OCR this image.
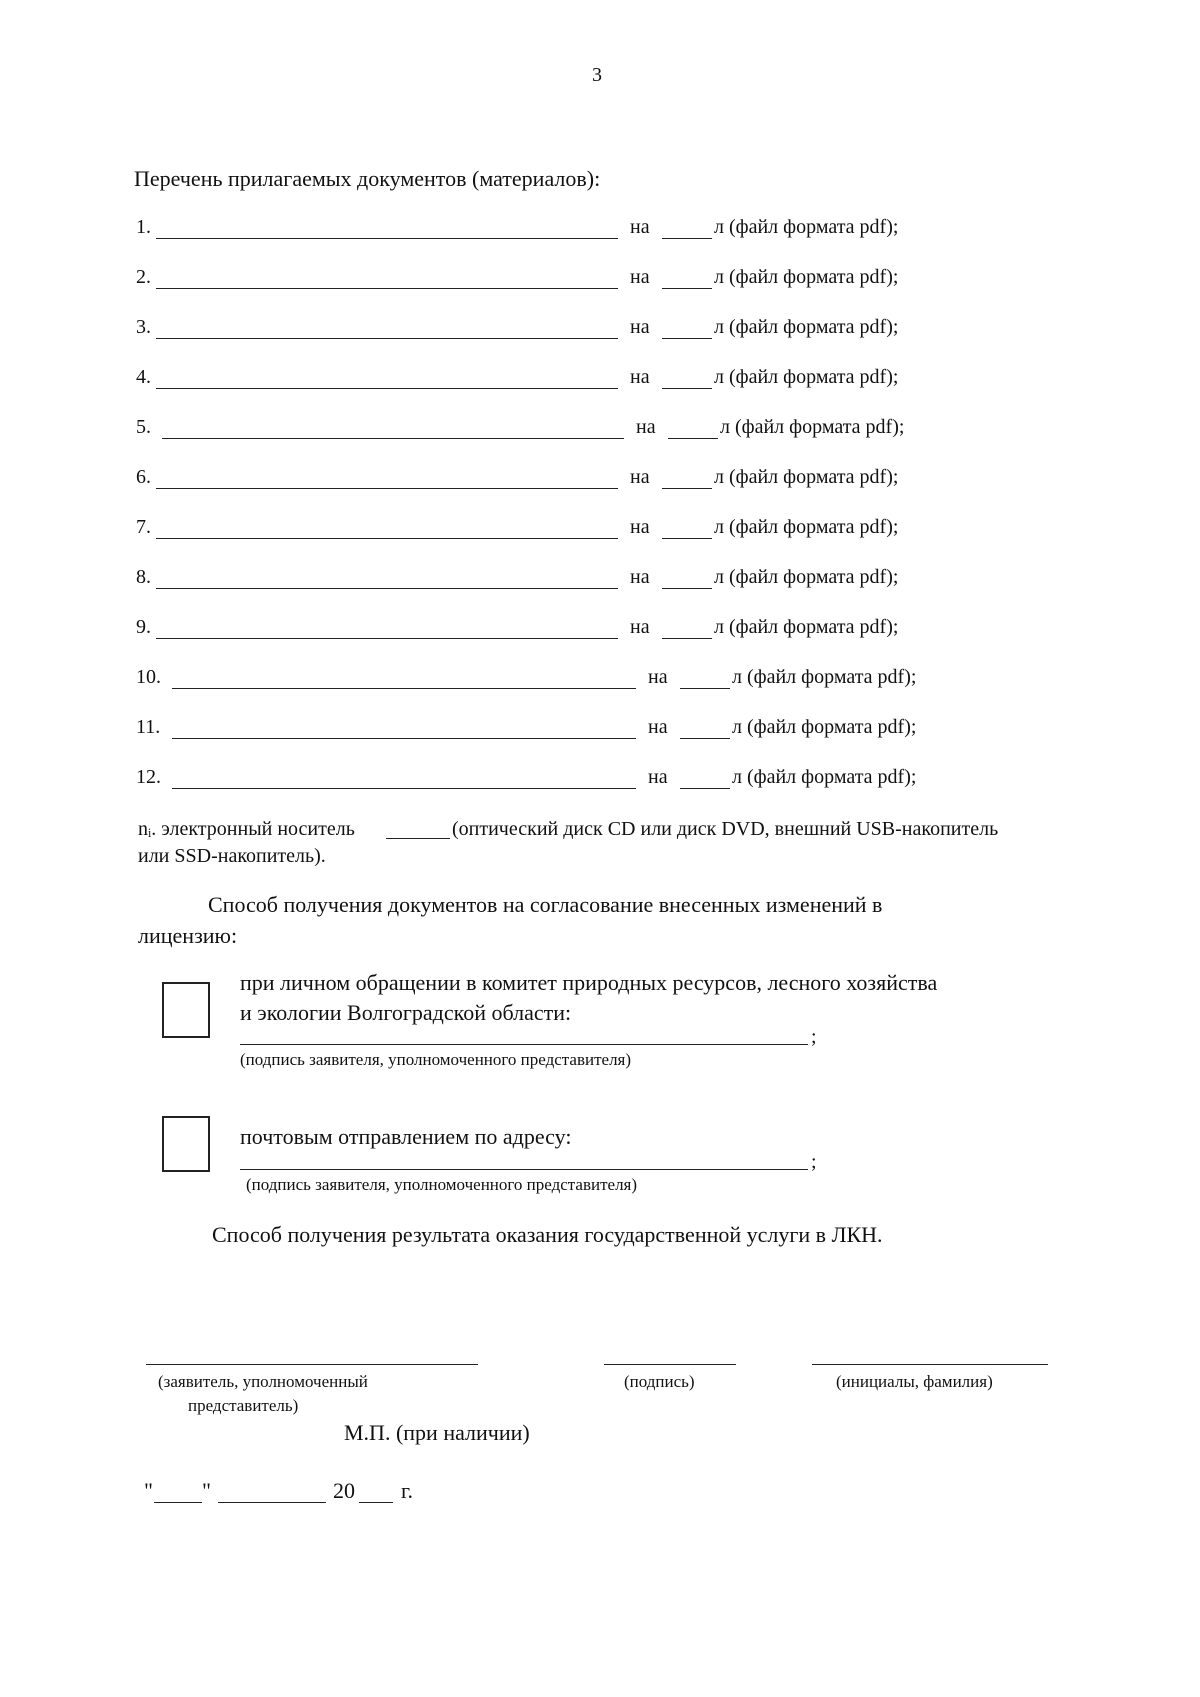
3
Перечень прилагаемых документов (материалов):
1.	на	л (файл формата pdf);
2.	на	л (файл формата pdf);
3.	на	л (файл формата pdf);
4.	на	л (файл формата pdf);
5.	на	л (файл формата pdf);
6.	на	л (файл формата pdf);
7.	на	л (файл формата pdf);
8.	на	л (файл формата pdf);
9.	на	л (файл формата pdf);
10.	на	л (файл формата pdf);
11.	на	л (файл формата pdf);
12.	на	л (файл формата pdf);
nᵢ. электронный носитель	(оптический диск CD или диск DVD, внешний USB-накопитель
или SSD-накопитель).
Способ получения документов на согласование внесенных изменений в
лицензию:
при личном обращении в комитет природных ресурсов, лесного хозяйства
и экологии Волгоградской области:
;
(подпись заявителя, уполномоченного представителя)
почтовым отправлением по адресу:
;
(подпись заявителя, уполномоченного представителя)
Способ получения результата оказания государственной услуги в ЛКН.
(заявитель, уполномоченный
представитель)
(подпись)	(инициалы, фамилия)
М.П. (при наличии)
" "	20 г.
